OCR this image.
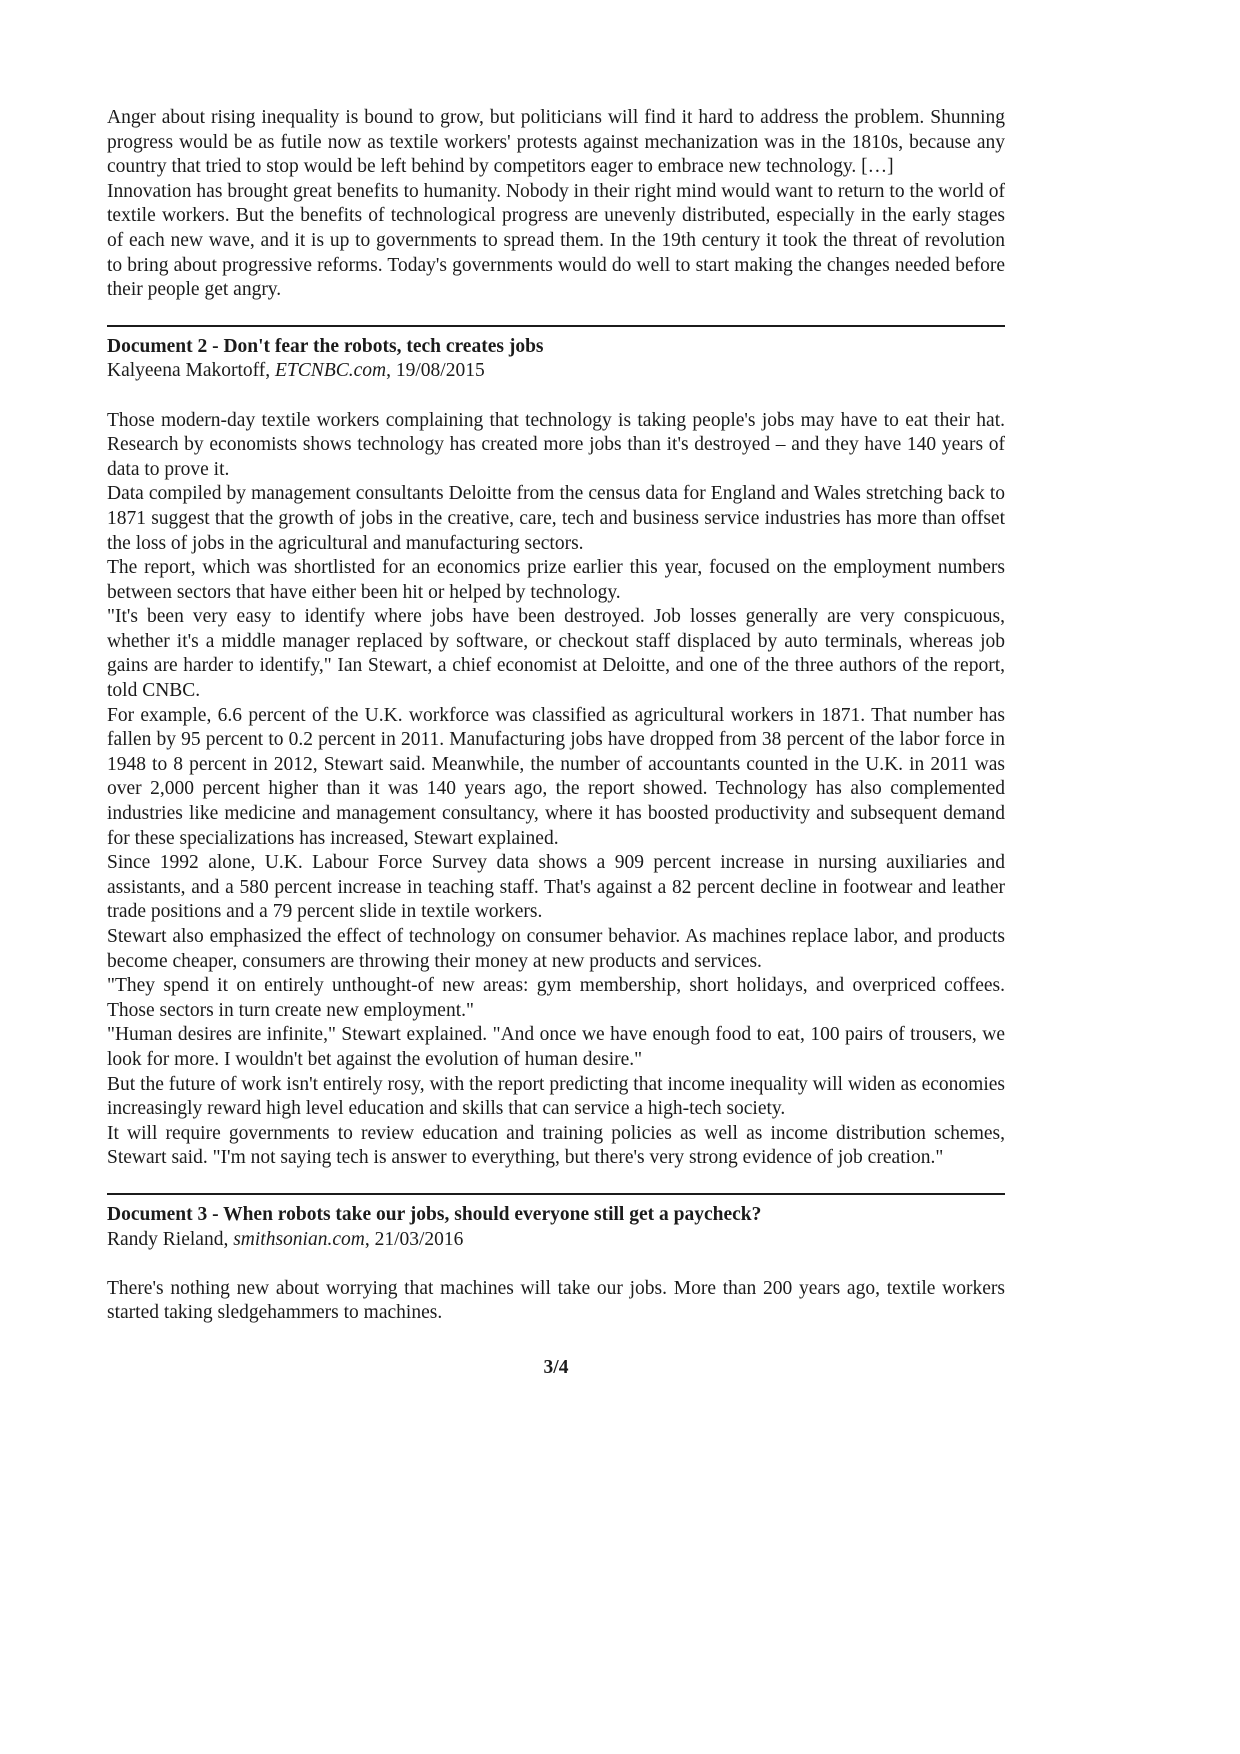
Anger about rising inequality is bound to grow, but politicians will find it hard to address the problem. Shunning progress would be as futile now as textile workers' protests against mechanization was in the 1810s, because any country that tried to stop would be left behind by competitors eager to embrace new technology. […]

Innovation has brought great benefits to humanity. Nobody in their right mind would want to return to the world of textile workers. But the benefits of technological progress are unevenly distributed, especially in the early stages of each new wave, and it is up to governments to spread them. In the 19th century it took the threat of revolution to bring about progressive reforms. Today's governments would do well to start making the changes needed before their people get angry.

Document 2 - Don't fear the robots, tech creates jobs

Kalyeena Makortoff, ETCNBC.com, 19/08/2015

Those modern-day textile workers complaining that technology is taking people's jobs may have to eat their hat. Research by economists shows technology has created more jobs than it's destroyed – and they have 140 years of data to prove it.

Data compiled by management consultants Deloitte from the census data for England and Wales stretching back to 1871 suggest that the growth of jobs in the creative, care, tech and business service industries has more than offset the loss of jobs in the agricultural and manufacturing sectors.

The report, which was shortlisted for an economics prize earlier this year, focused on the employment numbers between sectors that have either been hit or helped by technology.

"It's been very easy to identify where jobs have been destroyed. Job losses generally are very conspicuous, whether it's a middle manager replaced by software, or checkout staff displaced by auto terminals, whereas job gains are harder to identify," Ian Stewart, a chief economist at Deloitte, and one of the three authors of the report, told CNBC.

For example, 6.6 percent of the U.K. workforce was classified as agricultural workers in 1871. That number has fallen by 95 percent to 0.2 percent in 2011. Manufacturing jobs have dropped from 38 percent of the labor force in 1948 to 8 percent in 2012, Stewart said. Meanwhile, the number of accountants counted in the U.K. in 2011 was over 2,000 percent higher than it was 140 years ago, the report showed. Technology has also complemented industries like medicine and management consultancy, where it has boosted productivity and subsequent demand for these specializations has increased, Stewart explained.

Since 1992 alone, U.K. Labour Force Survey data shows a 909 percent increase in nursing auxiliaries and assistants, and a 580 percent increase in teaching staff. That's against a 82 percent decline in footwear and leather trade positions and a 79 percent slide in textile workers.

Stewart also emphasized the effect of technology on consumer behavior. As machines replace labor, and products become cheaper, consumers are throwing their money at new products and services.

"They spend it on entirely unthought-of new areas: gym membership, short holidays, and overpriced coffees. Those sectors in turn create new employment."

"Human desires are infinite," Stewart explained. "And once we have enough food to eat, 100 pairs of trousers, we look for more. I wouldn't bet against the evolution of human desire."

But the future of work isn't entirely rosy, with the report predicting that income inequality will widen as economies increasingly reward high level education and skills that can service a high-tech society.

It will require governments to review education and training policies as well as income distribution schemes, Stewart said. "I'm not saying tech is answer to everything, but there's very strong evidence of job creation."

Document 3 - When robots take our jobs, should everyone still get a paycheck?

Randy Rieland, smithsonian.com, 21/03/2016

There's nothing new about worrying that machines will take our jobs. More than 200 years ago, textile workers started taking sledgehammers to machines.

3/4
